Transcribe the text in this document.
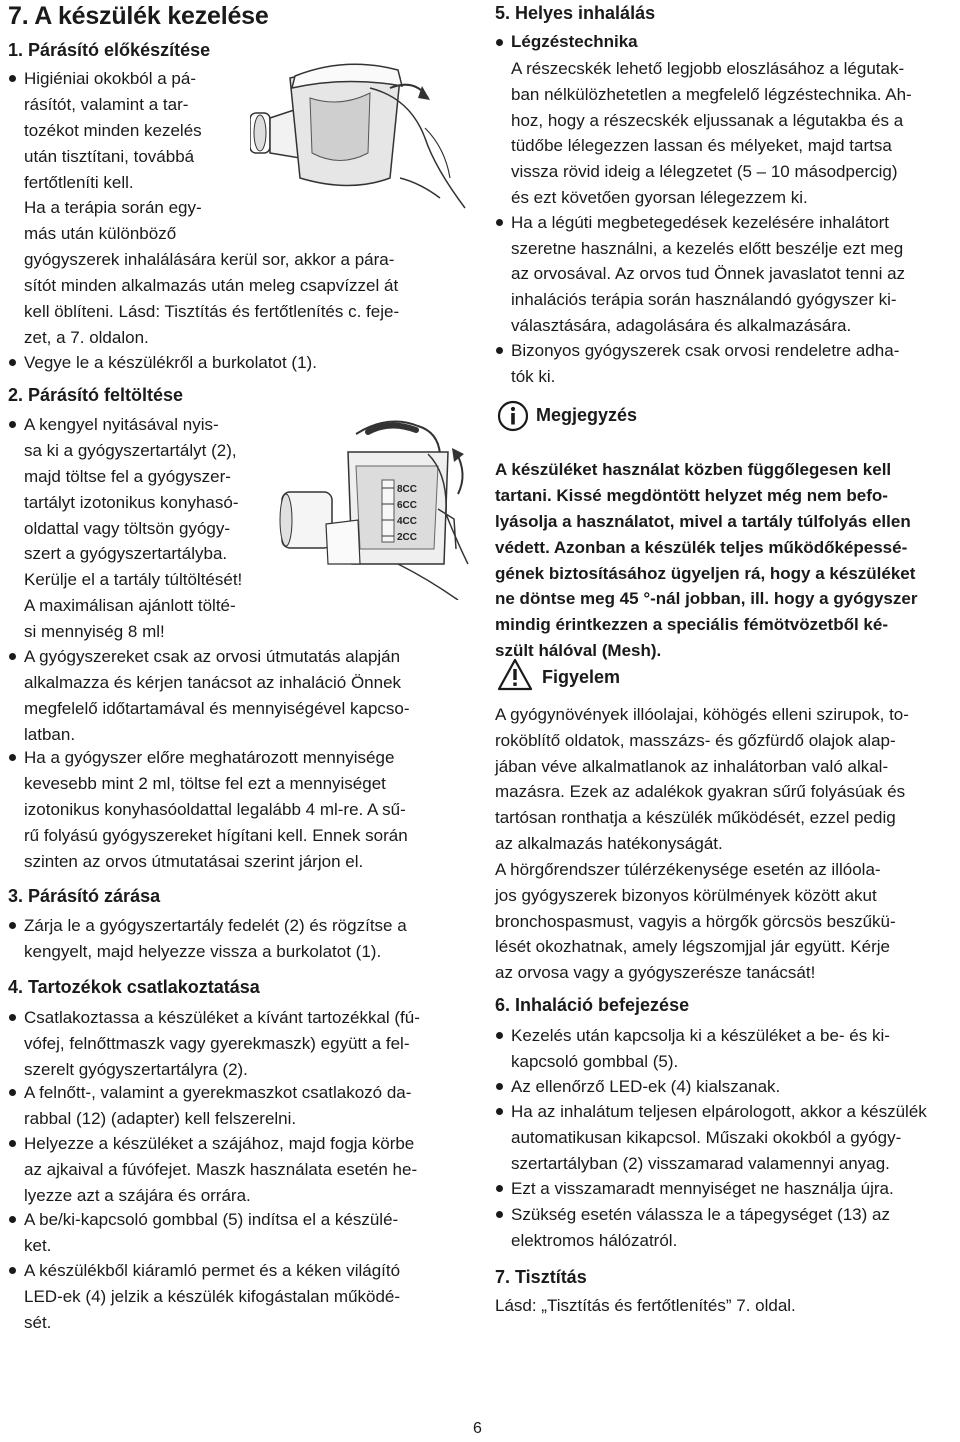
7. A készülék kezelése
1. Párásító előkészítése

Higiéniai okokból a pá-

rásítót, valamint a tar-

tozékot minden kezelés

után tisztítani, továbbá

fertőtleníti kell.

Ha a terápia során egy-

más után különböző

gyógyszerek inhalálására kerül sor, akkor a pára-

sítót minden alkalmazás után meleg csapvízzel át

kell öblíteni. Lásd: Tisztítás és fertőtlenítés c. feje-

zet, a 7. oldalon.

Vegye le a készülékről a burkolatot (1).

2. Párásító feltöltése

A kengyel nyitásával nyis-

sa ki a gyógyszertartályt (2),

majd töltse fel a gyógyszer-

tartályt izotonikus konyhasó-

oldattal vagy töltsön gyógy-

szert a gyógyszertartályba.

Kerülje el a tartály túltöltését!

A maximálisan ajánlott tölté-

si mennyiség 8 ml!

8CC
6CC
4CC
2CC

A gyógyszereket csak az orvosi útmutatás alapján

alkalmazza és kérjen tanácsot az inhaláció Önnek

megfelelő időtartamával és mennyiségével kapcso-

latban.

Ha a gyógyszer előre meghatározott mennyisége

kevesebb mint 2 ml, töltse fel ezt a mennyiséget

izotonikus konyhasóoldattal legalább 4 ml-re. A sű-

rű folyású gyógyszereket hígítani kell. Ennek során

szinten az orvos útmutatásai szerint járjon el.

3. Párásító zárása

Zárja le a gyógyszertartály fedelét (2) és rögzítse a

kengyelt, majd helyezze vissza a burkolatot (1).

4. Tartozékok csatlakoztatása

Csatlakoztassa a készüléket a kívánt tartozékkal (fú-

vófej, felnőttmaszk vagy gyerekmaszk) együtt a fel-

szerelt gyógyszertartályra (2).

A felnőtt-, valamint a gyerekmaszkot csatlakozó da-

rabbal (12) (adapter) kell felszerelni.

Helyezze a készüléket a szájához, majd fogja körbe

az ajkaival a fúvófejet. Maszk használata esetén he-

lyezze azt a szájára és orrára.

A be/ki-kapcsoló gombbal (5) indítsa el a készülé-

ket.

A készülékből kiáramló permet és a kéken világító

LED-ek (4) jelzik a készülék kifogástalan működé-

sét.

5. Helyes inhalálás

Légzéstechnika

A részecskék lehető legjobb eloszlásához a légutak-

ban nélkülözhetetlen a megfelelő légzéstechnika. Ah-

hoz, hogy a részecskék eljussanak a légutakba és a

tüdőbe lélegezzen lassan és mélyeket, majd tartsa

vissza rövid ideig a lélegzetet (5 – 10 másodpercig)

és ezt követően gyorsan lélegezzem ki.

Ha a légúti megbetegedések kezelésére inhalátort

szeretne használni, a kezelés előtt beszélje ezt meg

az orvosával. Az orvos tud Önnek javaslatot tenni az

inhalációs terápia során használandó gyógyszer ki-

választására, adagolására és alkalmazására.

Bizonyos gyógyszerek csak orvosi rendeletre adha-

tók ki.

Megjegyzés

A készüléket használat közben függőlegesen kell

tartani. Kissé megdöntött helyzet még nem befo-

lyásolja a használatot, mivel a tartály túlfolyás ellen

védett. Azonban a készülék teljes működőképessé-

gének biztosításához ügyeljen rá, hogy a készüléket

ne döntse meg 45 °-nál jobban, ill. hogy a gyógyszer

mindig érintkezzen a speciális fémötvözetből ké-

szült hálóval (Mesh).

Figyelem

A gyógynövények illóolajai, köhögés elleni szirupok, to-

roköblítő oldatok, masszázs- és gőzfürdő olajok alap-

jában véve alkalmatlanok az inhalátorban való alkal-

mazásra. Ezek az adalékok gyakran sűrű folyásúak és

tartósan ronthatja a készülék működését, ezzel pedig

az alkalmazás hatékonyságát.

A hörgőrendszer túlérzékenysége esetén az illóola-

jos gyógyszerek bizonyos körülmények között akut

bronchospasmust, vagyis a hörgők görcsös beszűkü-

lését okozhatnak, amely légszomjjal jár együtt. Kérje

az orvosa vagy a gyógyszerésze tanácsát!

6. Inhaláció befejezése

Kezelés után kapcsolja ki a készüléket a be- és ki-

kapcsoló gombbal (5).

Az ellenőrző LED-ek (4) kialszanak.

Ha az inhalátum teljesen elpárologott, akkor a készülék

automatikusan kikapcsol. Műszaki okokból a gyógy-

szertartályban (2) visszamarad valamennyi anyag.

Ezt a visszamaradt mennyiséget ne használja újra.

Szükség esetén válassza le a tápegységet (13) az

elektromos hálózatról.

7. Tisztítás

Lásd: „Tisztítás és fertőtlenítés” 7. oldal.

6
